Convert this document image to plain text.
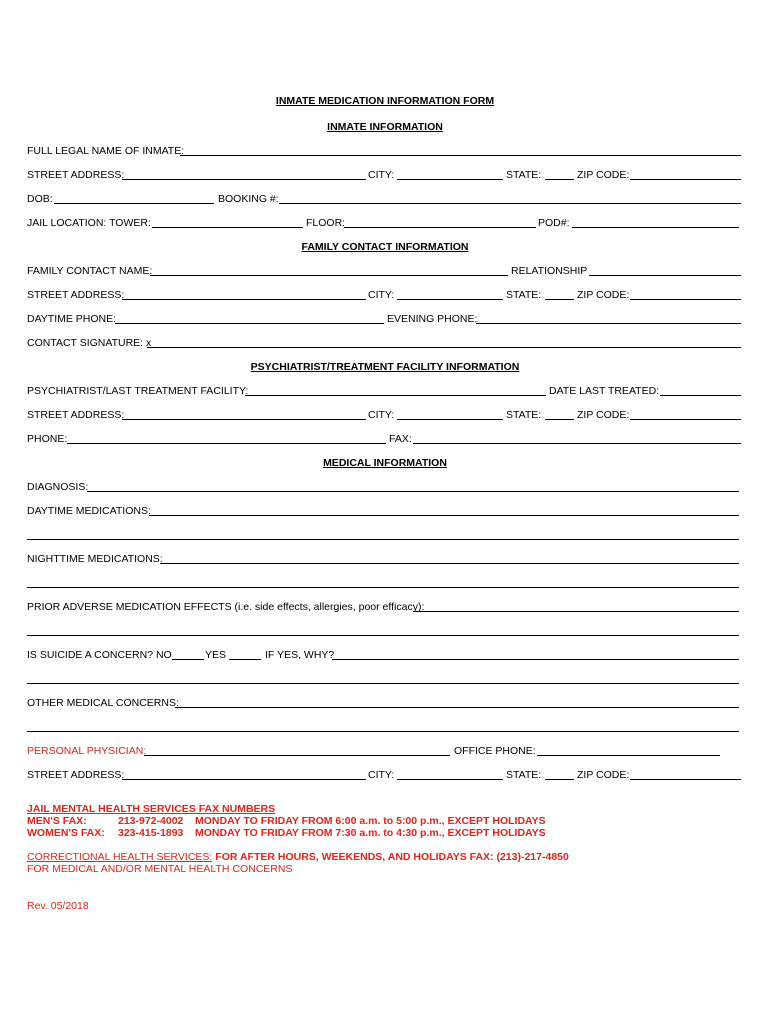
INMATE MEDICATION INFORMATION FORM
INMATE INFORMATION
FULL LEGAL NAME OF INMATE:
STREET ADDRESS:	CITY:	STATE:	ZIP CODE:
DOB:	BOOKING #:
JAIL LOCATION: TOWER:	FLOOR:	POD#:
FAMILY CONTACT INFORMATION
FAMILY CONTACT NAME:	RELATIONSHIP
STREET ADDRESS:	CITY:	STATE:	ZIP CODE:
DAYTIME PHONE:	EVENING PHONE:
CONTACT SIGNATURE: x
PSYCHIATRIST/TREATMENT FACILITY INFORMATION
PSYCHIATRIST/LAST TREATMENT FACILITY:	DATE LAST TREATED:
STREET ADDRESS:	CITY:	STATE:	ZIP CODE:
PHONE:	FAX:
MEDICAL INFORMATION
DIAGNOSIS:
DAYTIME MEDICATIONS:
NIGHTTIME MEDICATIONS:
PRIOR ADVERSE MEDICATION EFFECTS (i.e. side effects, allergies, poor efficacy):
IS SUICIDE A CONCERN? NO	YES	IF YES, WHY?
OTHER MEDICAL CONCERNS:
PERSONAL PHYSICIAN:	OFFICE PHONE:
STREET ADDRESS:	CITY:	STATE:	ZIP CODE:
JAIL MENTAL HEALTH SERVICES FAX NUMBERS
MEN'S FAX:	213-972-4002 MONDAY TO FRIDAY FROM 6:00 a.m. to 5:00 p.m., EXCEPT HOLIDAYS
WOMEN'S FAX: 323-415-1893 MONDAY TO FRIDAY FROM 7:30 a.m. to 4:30 p.m., EXCEPT HOLIDAYS
CORRECTIONAL HEALTH SERVICES: FOR AFTER HOURS, WEEKENDS, AND HOLIDAYS FAX: (213)-217-4850
FOR MEDICAL AND/OR MENTAL HEALTH CONCERNS
Rev. 05/2018
